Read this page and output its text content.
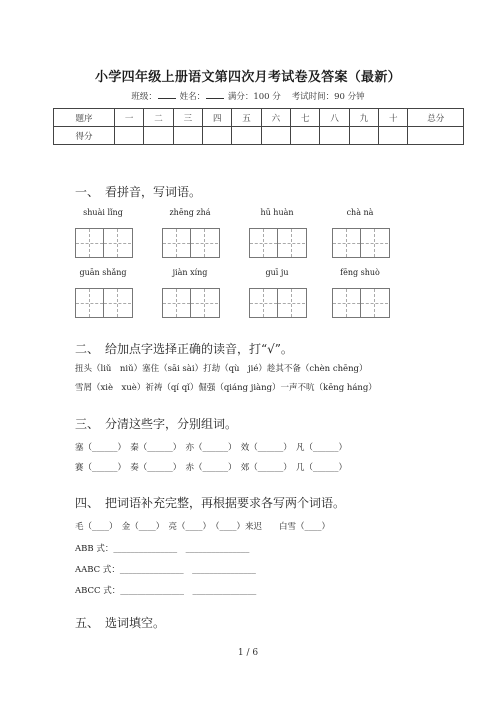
小学四年级上册语文第四次月考试卷及答案（最新）
班级：	姓名：	满分：100 分 考试时间：90 分钟
题序	一	二	三	四	五	六	七	八	九	十	总分
得分											
一、　看拼音，写词语。
shuài lǐng	zhēng zhá	hū huàn	chà nà
guān shǎng	jiàn xíng	guī ju	fēng shuò
二、　给加点字选择正确的读音，打“√”。
扭头（liǔ　niǔ）塞住（sāi sài）打劫（qù　jié）趁其不备（chèn chēng）
雪屑（xiè　xuè）祈祷（qí qǐ）倔强（qiáng jiàng）一声不吭（kēng háng）
三、　分清这些字，分别组词。
塞（______）　秦（______）　亦（______）　效（______）　凡（______）
赛（______）　奏（______）　赤（______）　郊（______）　几（______）
四、　把词语补充完整，再根据要求各写两个词语。
毛（____）　金（____）　亮（____）　（____）来迟　　白雪（____）
ABB 式：_______________　_______________
AABC 式：_______________　_______________
ABCC 式：_______________　_______________
五、　选词填空。
1 / 6
